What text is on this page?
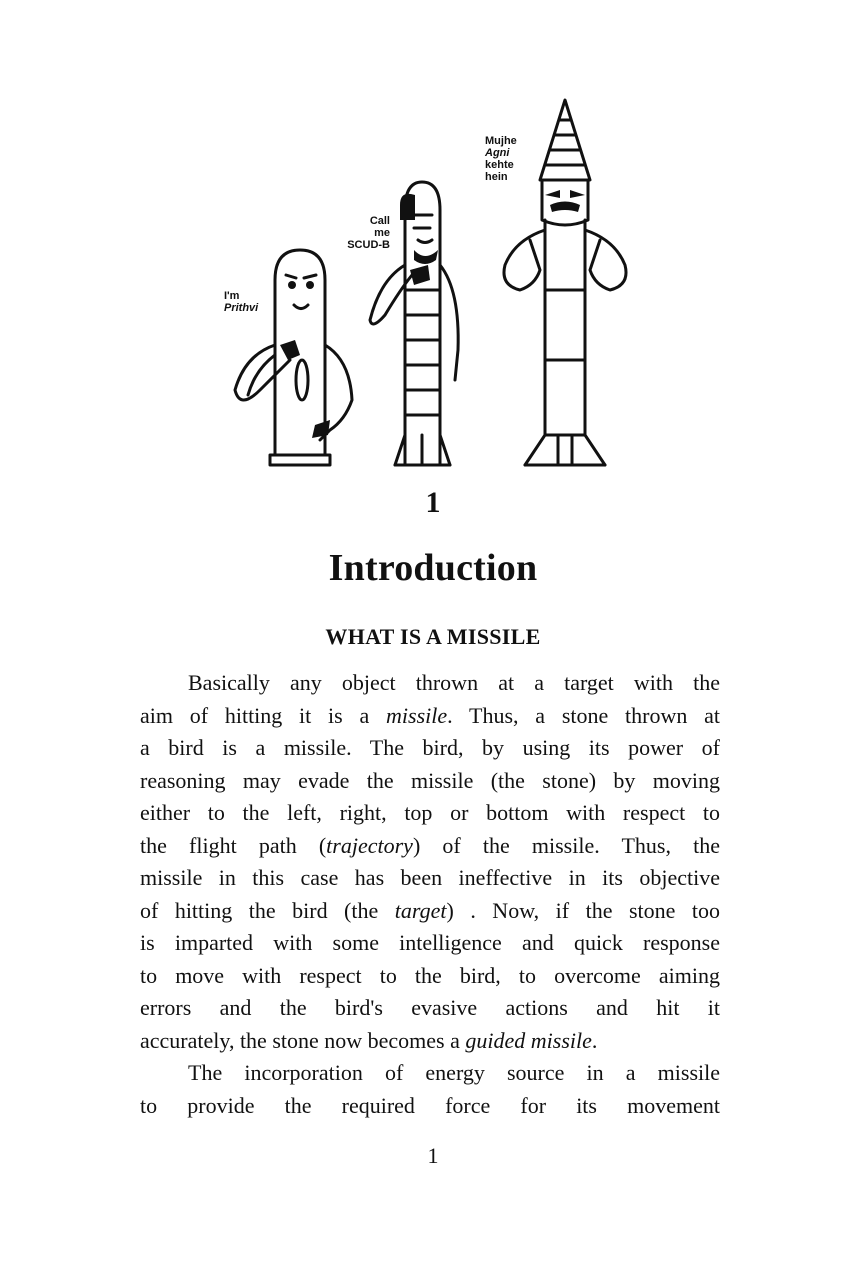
I'm
Prithvi
Call
me
SCUD-B
Mujhe
Agni
kehte
hein
1
Introduction
WHAT IS A MISSILE
Basically any object thrown at a target with the
aim of hitting it is a missile. Thus, a stone thrown at
a bird is a missile. The bird, by using its power of
reasoning may evade the missile (the stone) by moving
either to the left, right, top or bottom with respect to
the flight path (trajectory) of the missile. Thus, the
missile in this case has been ineffective in its objective
of hitting the bird (the target) . Now, if the stone too
is imparted with some intelligence and quick response
to move with respect to the bird, to overcome aiming
errors and the bird's evasive actions and hit it
accurately, the stone now becomes a guided missile.
The incorporation of energy source in a missile
to provide the required force for its movement
1
